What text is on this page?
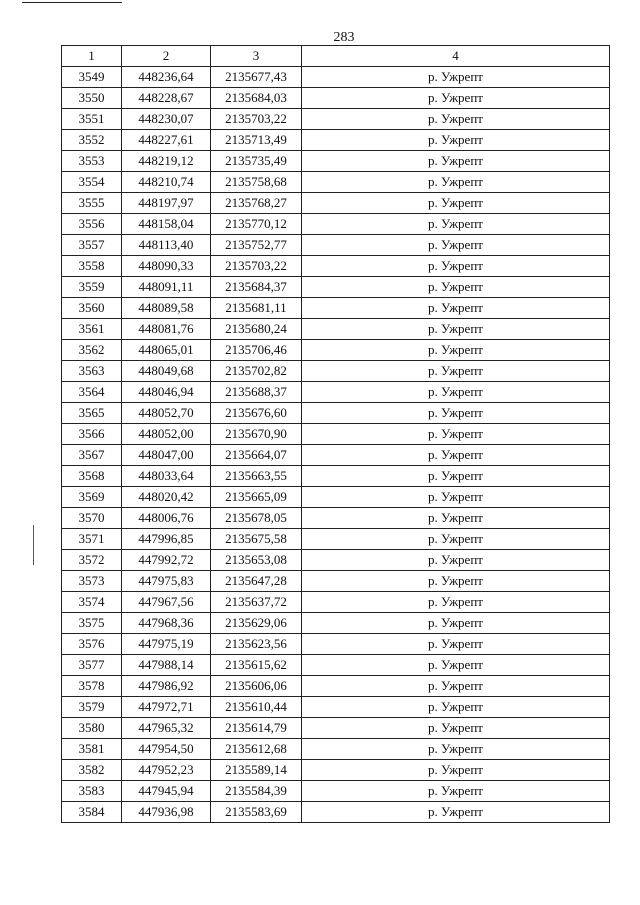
283
1	2	3	4
3549	448236,64	2135677,43	р. Ужрепт
3550	448228,67	2135684,03	р. Ужрепт
3551	448230,07	2135703,22	р. Ужрепт
3552	448227,61	2135713,49	р. Ужрепт
3553	448219,12	2135735,49	р. Ужрепт
3554	448210,74	2135758,68	р. Ужрепт
3555	448197,97	2135768,27	р. Ужрепт
3556	448158,04	2135770,12	р. Ужрепт
3557	448113,40	2135752,77	р. Ужрепт
3558	448090,33	2135703,22	р. Ужрепт
3559	448091,11	2135684,37	р. Ужрепт
3560	448089,58	2135681,11	р. Ужрепт
3561	448081,76	2135680,24	р. Ужрепт
3562	448065,01	2135706,46	р. Ужрепт
3563	448049,68	2135702,82	р. Ужрепт
3564	448046,94	2135688,37	р. Ужрепт
3565	448052,70	2135676,60	р. Ужрепт
3566	448052,00	2135670,90	р. Ужрепт
3567	448047,00	2135664,07	р. Ужрепт
3568	448033,64	2135663,55	р. Ужрепт
3569	448020,42	2135665,09	р. Ужрепт
3570	448006,76	2135678,05	р. Ужрепт
3571	447996,85	2135675,58	р. Ужрепт
3572	447992,72	2135653,08	р. Ужрепт
3573	447975,83	2135647,28	р. Ужрепт
3574	447967,56	2135637,72	р. Ужрепт
3575	447968,36	2135629,06	р. Ужрепт
3576	447975,19	2135623,56	р. Ужрепт
3577	447988,14	2135615,62	р. Ужрепт
3578	447986,92	2135606,06	р. Ужрепт
3579	447972,71	2135610,44	р. Ужрепт
3580	447965,32	2135614,79	р. Ужрепт
3581	447954,50	2135612,68	р. Ужрепт
3582	447952,23	2135589,14	р. Ужрепт
3583	447945,94	2135584,39	р. Ужрепт
3584	447936,98	2135583,69	р. Ужрепт
